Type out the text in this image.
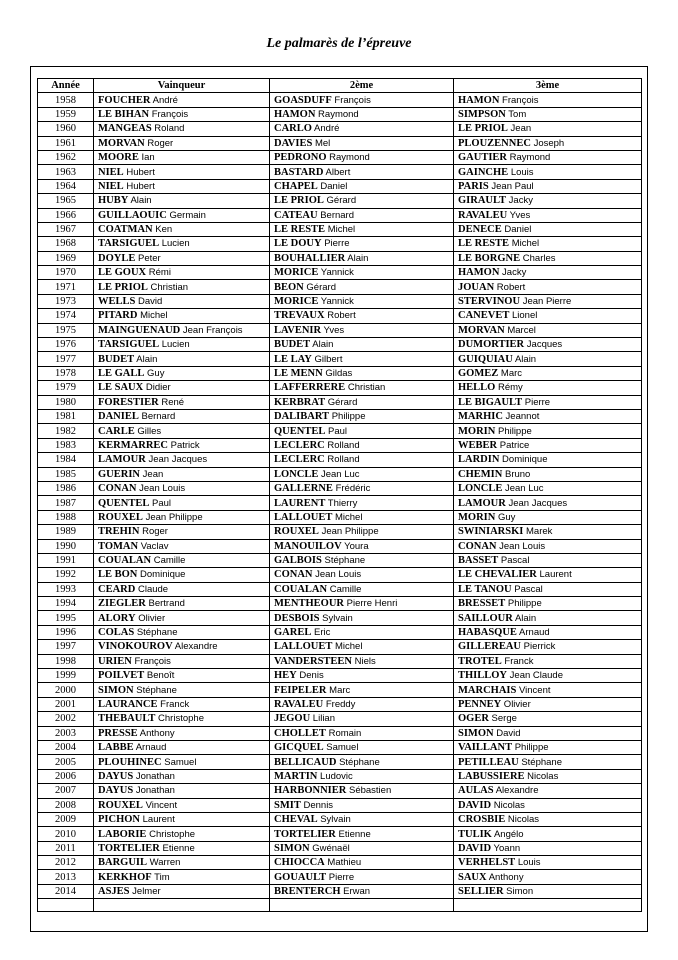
Le palmarès de l’épreuve
Année	Vainqueur	2ème	3ème
1958	FOUCHER André	GOASDUFF François	HAMON François
1959	LE BIHAN François	HAMON Raymond	SIMPSON Tom
1960	MANGEAS Roland	CARLO André	LE PRIOL Jean
1961	MORVAN Roger	DAVIES Mel	PLOUZENNEC Joseph
1962	MOORE Ian	PEDRONO Raymond	GAUTIER Raymond
1963	NIEL Hubert	BASTARD Albert	GAINCHE Louis
1964	NIEL Hubert	CHAPEL Daniel	PARIS Jean Paul
1965	HUBY Alain	LE PRIOL Gérard	GIRAULT Jacky
1966	GUILLAOUIC Germain	CATEAU Bernard	RAVALEU Yves
1967	COATMAN Ken	LE RESTE Michel	DENECE Daniel
1968	TARSIGUEL Lucien	LE DOUY Pierre	LE RESTE Michel
1969	DOYLE Peter	BOUHALLIER Alain	LE BORGNE Charles
1970	LE GOUX Rémi	MORICE Yannick	HAMON Jacky
1971	LE PRIOL Christian	BEON Gérard	JOUAN Robert
1973	WELLS David	MORICE Yannick	STERVINOU Jean Pierre
1974	PITARD Michel	TREVAUX Robert	CANEVET Lionel
1975	MAINGUENAUD Jean François	LAVENIR Yves	MORVAN Marcel
1976	TARSIGUEL Lucien	BUDET Alain	DUMORTIER Jacques
1977	BUDET Alain	LE LAY Gilbert	GUIQUIAU Alain
1978	LE GALL Guy	LE MENN Gildas	GOMEZ Marc
1979	LE SAUX Didier	LAFFERRERE Christian	HELLO Rémy
1980	FORESTIER René	KERBRAT Gérard	LE BIGAULT Pierre
1981	DANIEL Bernard	DALIBART Philippe	MARHIC Jeannot
1982	CARLE Gilles	QUENTEL Paul	MORIN Philippe
1983	KERMARREC Patrick	LECLERC Rolland	WEBER Patrice
1984	LAMOUR Jean Jacques	LECLERC Rolland	LARDIN Dominique
1985	GUERIN Jean	LONCLE Jean Luc	CHEMIN Bruno
1986	CONAN Jean Louis	GALLERNE Frédéric	LONCLE Jean Luc
1987	QUENTEL Paul	LAURENT Thierry	LAMOUR Jean Jacques
1988	ROUXEL Jean Philippe	LALLOUET Michel	MORIN Guy
1989	TREHIN Roger	ROUXEL Jean Philippe	SWINIARSKI Marek
1990	TOMAN Vaclav	MANOUILOV Youra	CONAN Jean Louis
1991	COUALAN Camille	GALBOIS Stéphane	BASSET Pascal
1992	LE BON Dominique	CONAN Jean Louis	LE CHEVALIER Laurent
1993	CEARD Claude	COUALAN Camille	LE TANOU Pascal
1994	ZIEGLER Bertrand	MENTHEOUR Pierre Henri	BRESSET Philippe
1995	ALORY Olivier	DESBOIS Sylvain	SAILLOUR Alain
1996	COLAS Stéphane	GAREL Eric	HABASQUE Arnaud
1997	VINOKOUROV Alexandre	LALLOUET Michel	GILLEREAU Pierrick
1998	URIEN François	VANDERSTEEN Niels	TROTEL Franck
1999	POILVET Benoît	HEY Denis	THILLOY Jean Claude
2000	SIMON Stéphane	FEIPELER Marc	MARCHAIS Vincent
2001	LAURANCE Franck	RAVALEU Freddy	PENNEY Olivier
2002	THEBAULT Christophe	JEGOU Lilian	OGER Serge
2003	PRESSE Anthony	CHOLLET Romain	SIMON David
2004	LABBE Arnaud	GICQUEL Samuel	VAILLANT Philippe
2005	PLOUHINEC Samuel	BELLICAUD Stéphane	PETILLEAU Stéphane
2006	DAYUS Jonathan	MARTIN Ludovic	LABUSSIERE Nicolas
2007	DAYUS Jonathan	HARBONNIER Sébastien	AULAS Alexandre
2008	ROUXEL Vincent	SMIT Dennis	DAVID Nicolas
2009	PICHON Laurent	CHEVAL Sylvain	CROSBIE Nicolas
2010	LABORIE Christophe	TORTELIER Etienne	TULIK Angélo
2011	TORTELIER Etienne	SIMON Gwénaël	DAVID Yoann
2012	BARGUIL Warren	CHIOCCA Mathieu	VERHELST Louis
2013	KERKHOF Tim	GOUAULT Pierre	SAUX Anthony
2014	ASJES Jelmer	BRENTERCH Erwan	SELLIER Simon
